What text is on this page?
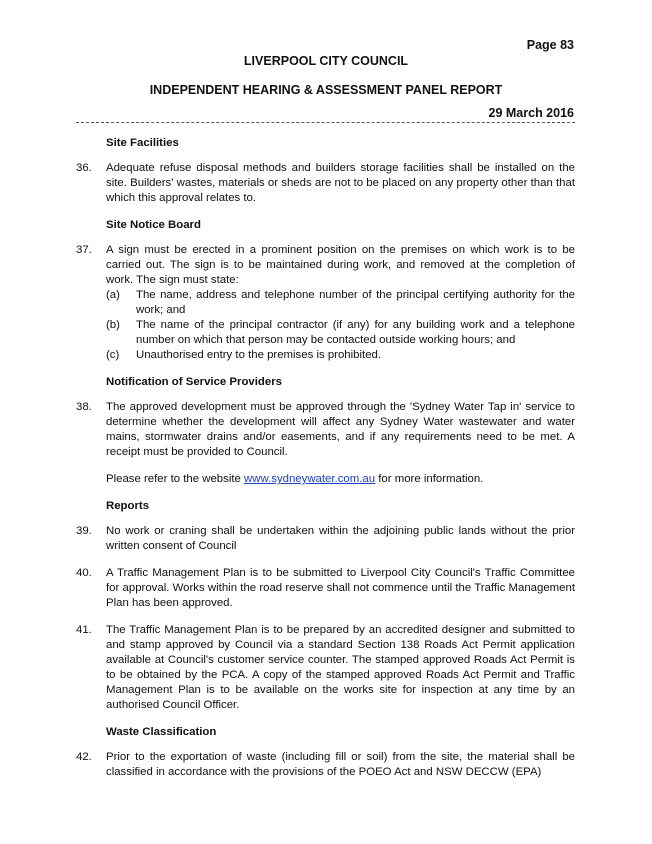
Page 83
LIVERPOOL CITY COUNCIL
INDEPENDENT HEARING & ASSESSMENT PANEL REPORT
29 March 2016
Site Facilities
36. Adequate refuse disposal methods and builders storage facilities shall be installed on the site. Builders' wastes, materials or sheds are not to be placed on any property other than that which this approval relates to.
Site Notice Board
37. A sign must be erected in a prominent position on the premises on which work is to be carried out. The sign is to be maintained during work, and removed at the completion of work. The sign must state:
(a) The name, address and telephone number of the principal certifying authority for the work; and
(b) The name of the principal contractor (if any) for any building work and a telephone number on which that person may be contacted outside working hours; and
(c) Unauthorised entry to the premises is prohibited.
Notification of Service Providers
38. The approved development must be approved through the 'Sydney Water Tap in' service to determine whether the development will affect any Sydney Water wastewater and water mains, stormwater drains and/or easements, and if any requirements need to be met. A receipt must be provided to Council.
Please refer to the website www.sydneywater.com.au for more information.
Reports
39. No work or craning shall be undertaken within the adjoining public lands without the prior written consent of Council
40. A Traffic Management Plan is to be submitted to Liverpool City Council's Traffic Committee for approval. Works within the road reserve shall not commence until the Traffic Management Plan has been approved.
41. The Traffic Management Plan is to be prepared by an accredited designer and submitted to and stamp approved by Council via a standard Section 138 Roads Act Permit application available at Council's customer service counter. The stamped approved Roads Act Permit is to be obtained by the PCA. A copy of the stamped approved Roads Act Permit and Traffic Management Plan is to be available on the works site for inspection at any time by an authorised Council Officer.
Waste Classification
42. Prior to the exportation of waste (including fill or soil) from the site, the material shall be classified in accordance with the provisions of the POEO Act and NSW DECCW (EPA)
